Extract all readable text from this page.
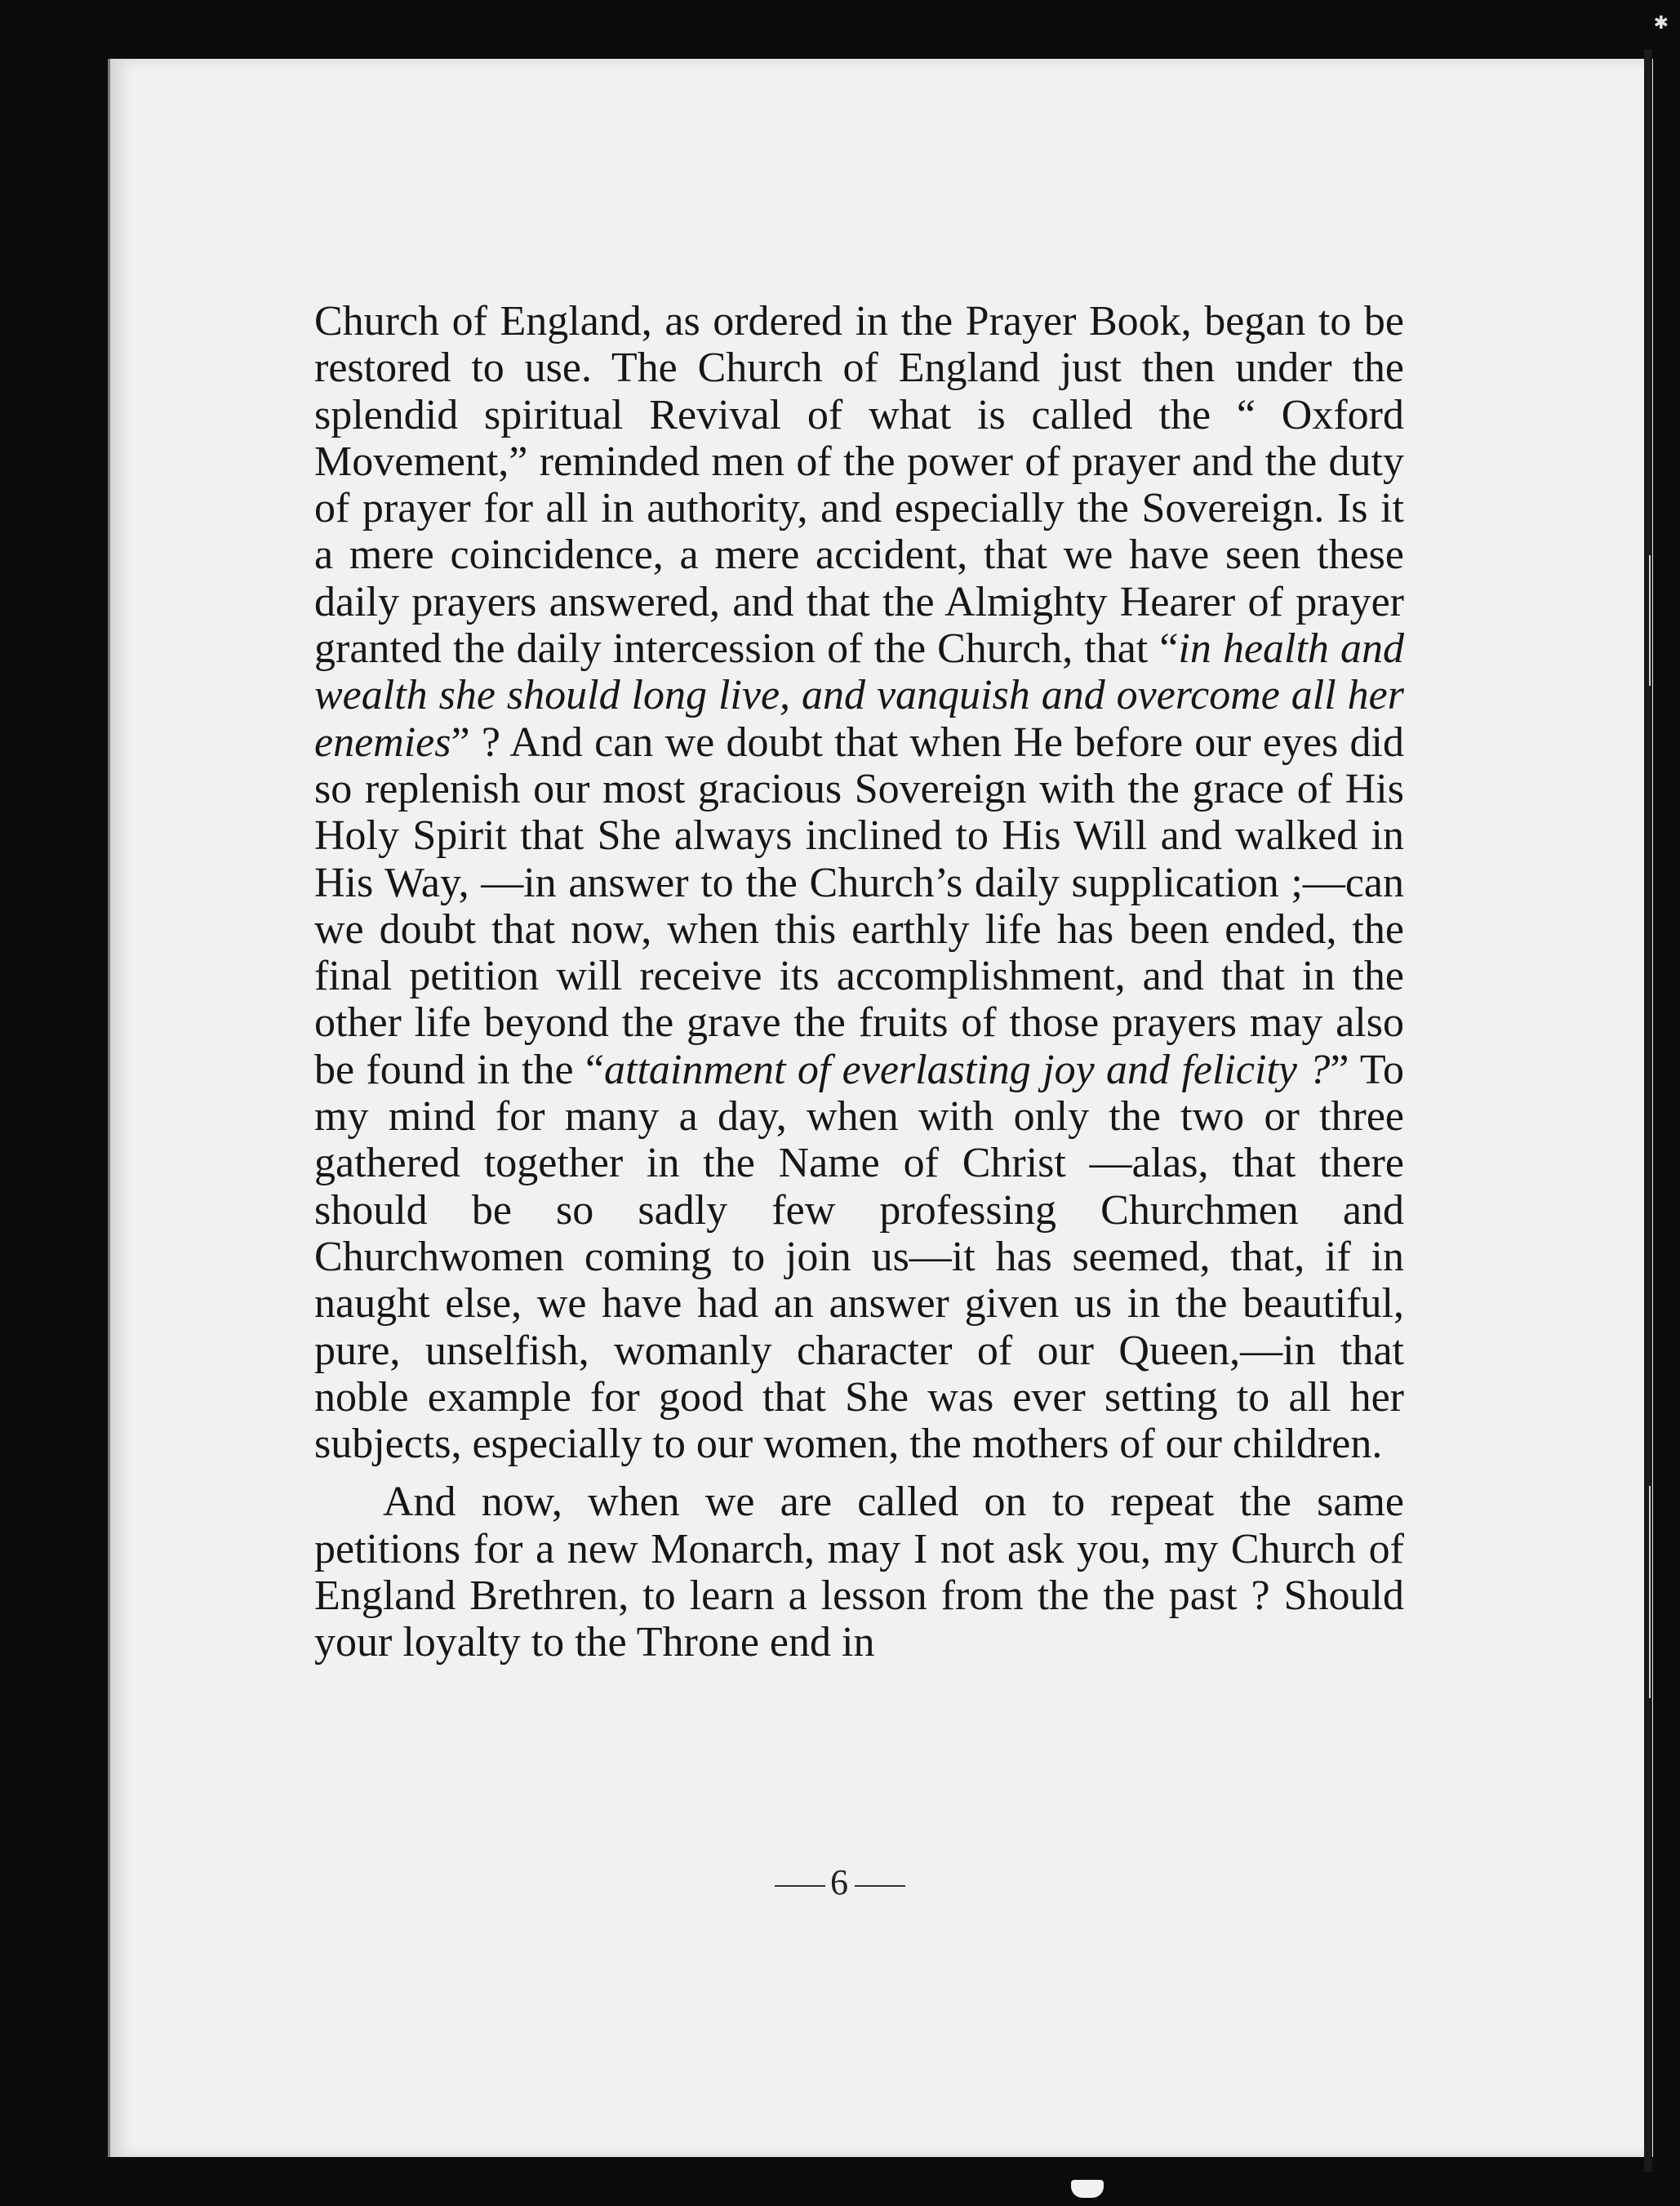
✱

Church of England, as ordered in the Prayer Book, began to be restored to use. The Church of England just then under the splendid spiritual Revival of what is called the “ Oxford Movement,” reminded men of the power of prayer and the duty of prayer for all in authority, and especially the Sovereign. Is it a mere coincidence, a mere accident, that we have seen these daily prayers answered, and that the Almighty Hearer of prayer granted the daily intercession of the Church, that “in health and wealth she should long live, and vanquish and overcome all her enemies” ? And can we doubt that when He before our eyes did so replenish our most gracious Sovereign with the grace of His Holy Spirit that She always inclined to His Will and walked in His Way, —in answer to the Church’s daily supplication ;—can we doubt that now, when this earthly life has been ended, the final petition will receive its accomplishment, and that in the other life beyond the grave the fruits of those prayers may also be found in the “attainment of everlasting joy and felicity ?” To my mind for many a day, when with only the two or three gathered together in the Name of Christ —alas, that there should be so sadly few professing Churchmen and Churchwomen coming to join us—it has seemed, that, if in naught else, we have had an answer given us in the beautiful, pure, unselfish, womanly character of our Queen,—in that noble example for good that She was ever setting to all her subjects, especially to our women, the mothers of our children.

And now, when we are called on to repeat the same petitions for a new Monarch, may I not ask you, my Church of England Brethren, to learn a lesson from the the past ? Should your loyalty to the Throne end in

6
